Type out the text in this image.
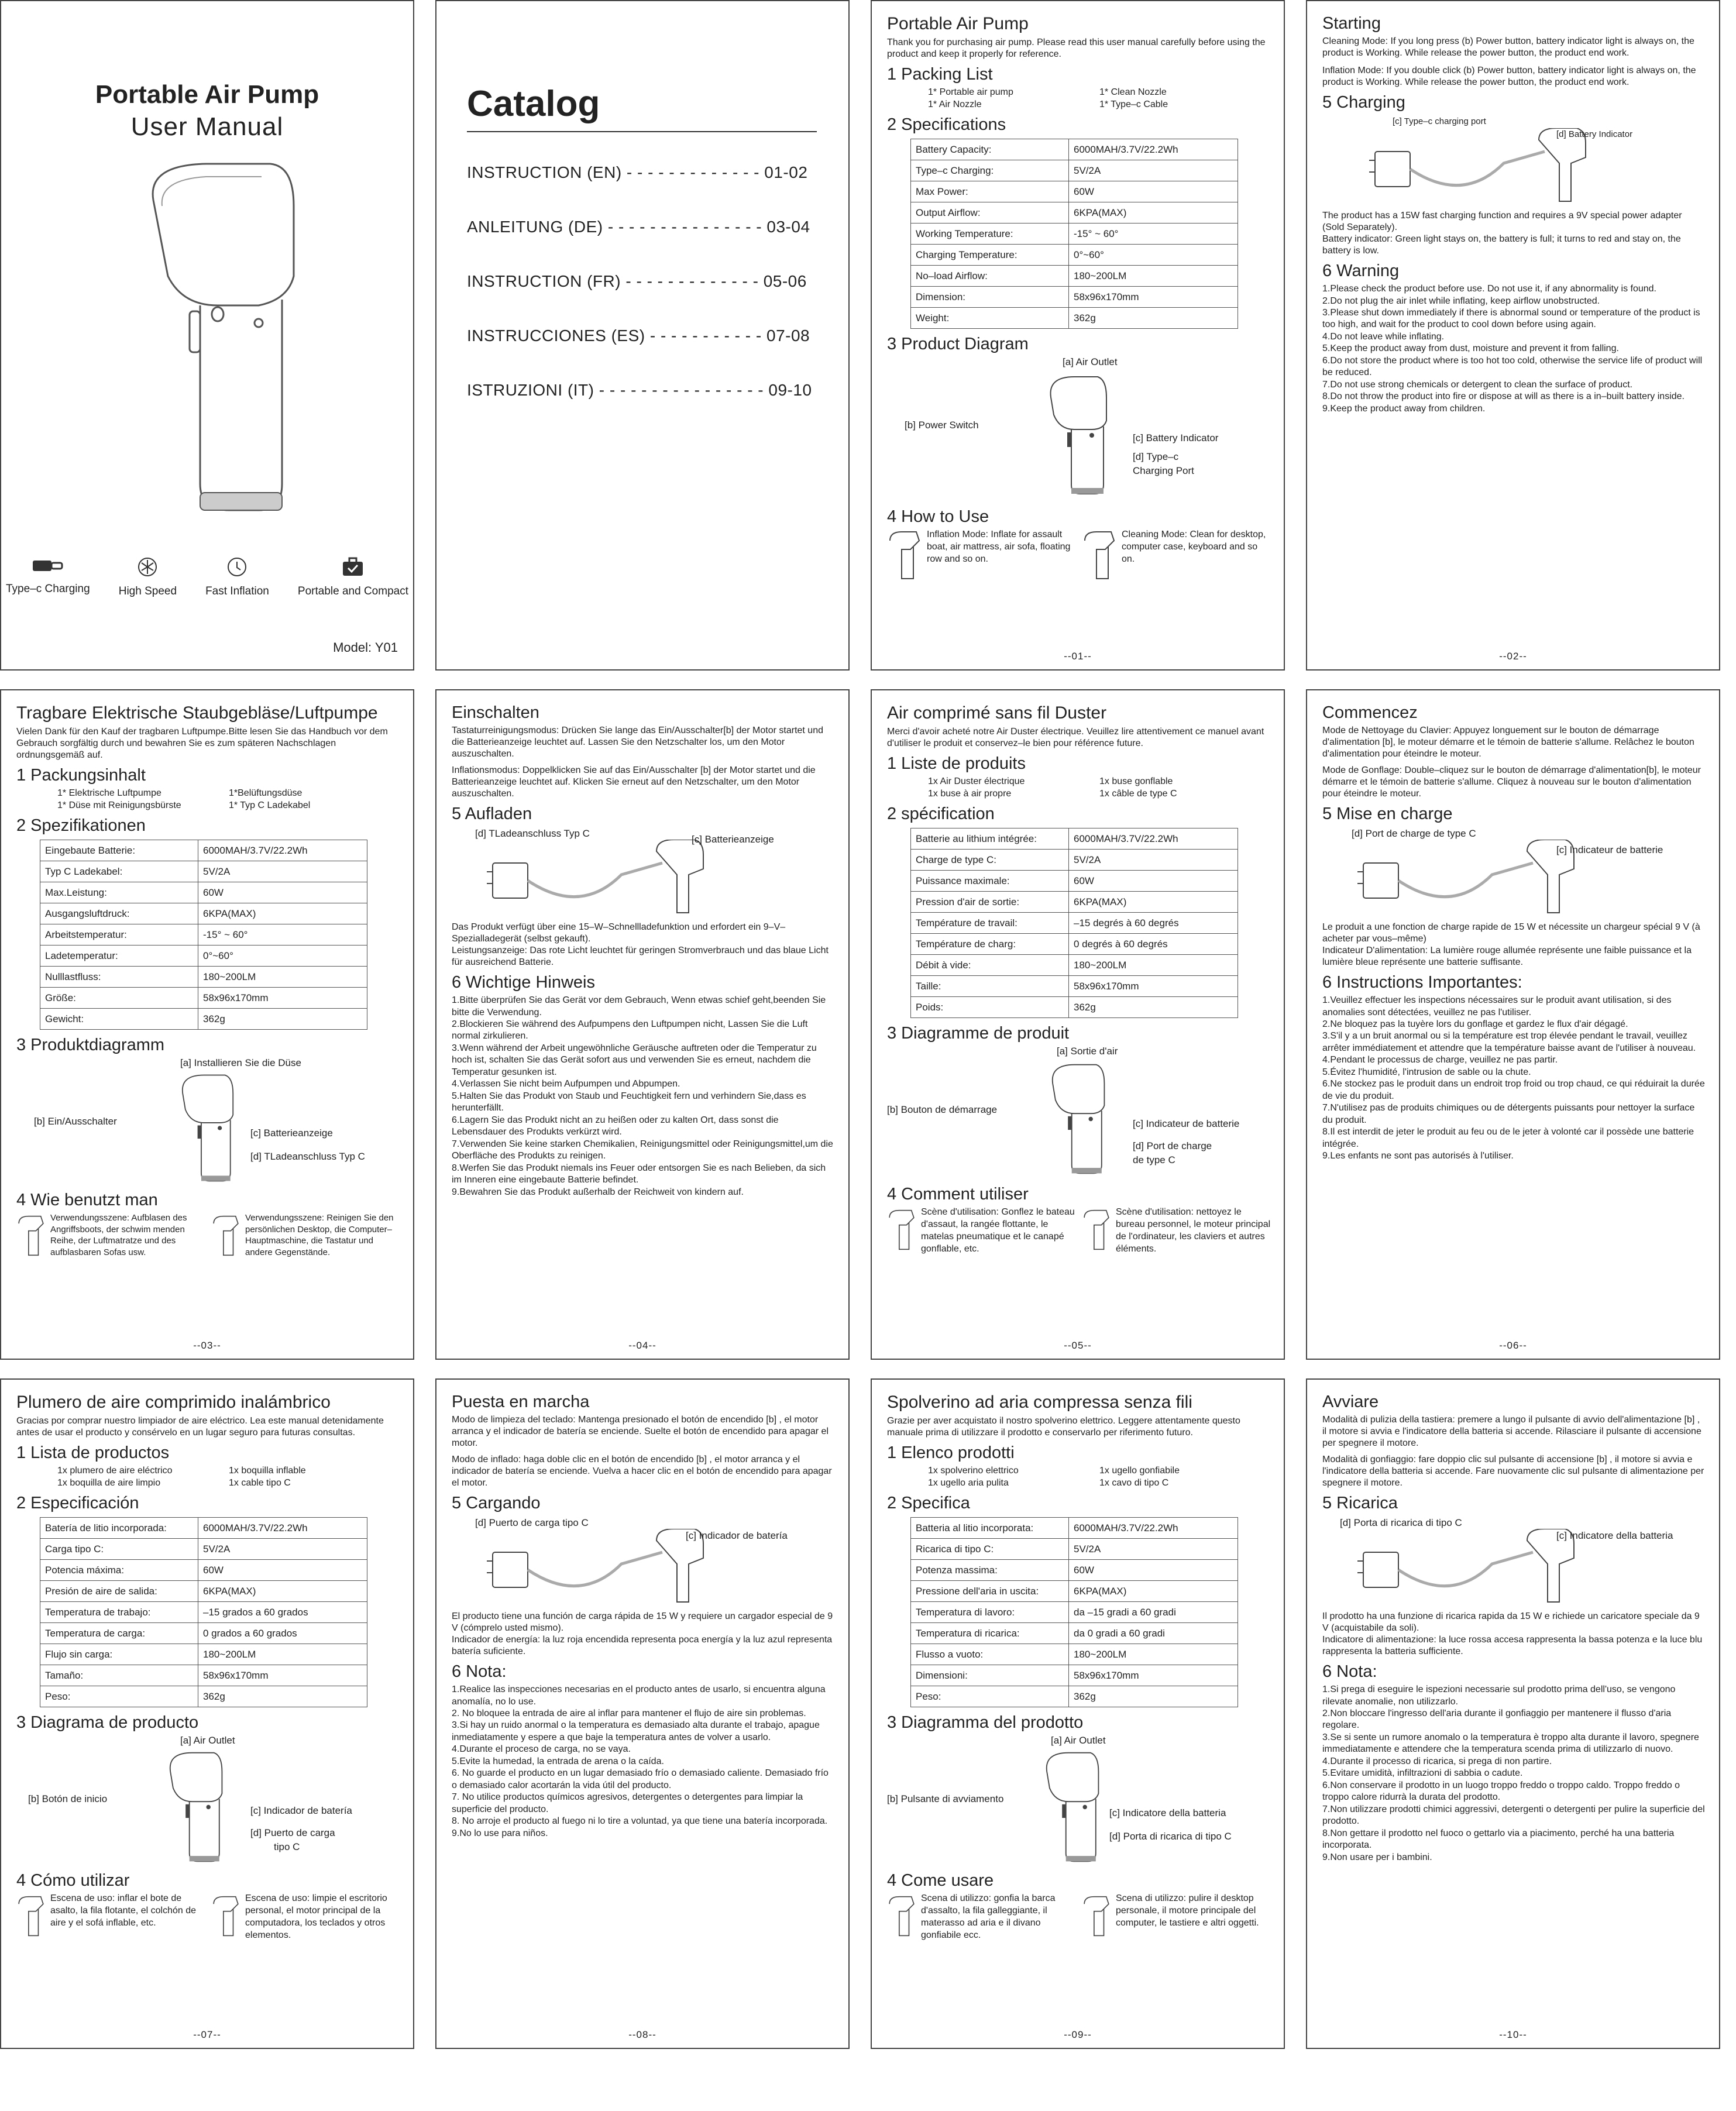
Portable Air Pump
User Manual
Type–c Charging	High Speed	Fast Inflation	Portable and Compact
Model: Y01
Catalog
INSTRUCTION (EN) - - - - - - - - - - - - - 01-02
ANLEITUNG (DE) - - - - - - - - - - - - - - - 03-04
INSTRUCTION (FR) - - - - - - - - - - - - - 05-06
INSTRUCCIONES (ES) - - - - - - - - - - - 07-08
ISTRUZIONI (IT) - - - - - - - - - - - - - - - - 09-10
Portable Air Pump
Thank you for purchasing air pump. Please read this user manual carefully before using the product and keep it properly for reference.
1 Packing List
1* Portable air pump	1* Clean Nozzle
1* Air Nozzle	1* Type–c Cable
2 Specifications
Battery Capacity:	6000MAH/3.7V/22.2Wh
Type–c Charging:	5V/2A
Max Power:	60W
Output Airflow:	6KPA(MAX)
Working Temperature:	-15° ~ 60°
Charging Temperature:	0°~60°
No–load Airflow:	180~200LM
Dimension:	58x96x170mm
Weight:	362g
3 Product Diagram
[a] Air Outlet
[b] Power Switch
[c] Battery Indicator
[d] Type–c
Charging Port
4 How to Use
Inflation Mode: Inflate for assault boat, air mattress, air sofa, floating row and so on.
Cleaning Mode: Clean for desktop, computer case, keyboard and so on.
--01--
Starting
Cleaning Mode: If you long press (b) Power button, battery indicator light is always on, the product is Working. While release the power button, the product end work.
Inflation Mode: If you double click (b) Power button, battery indicator light is always on, the product is Working. While release the power button, the product end work.
5 Charging
[c] Type–c charging port
[d] Battery Indicator
The product has a 15W fast charging function and requires a 9V special power adapter (Sold Separately).
Battery indicator: Green light stays on, the battery is full; it turns to red and stay on, the battery is low.
6 Warning

1.Please check the product before use. Do not use it, if any abnormality is found.

2.Do not plug the air inlet while inflating, keep airflow unobstructed.

3.Please shut down immediately if there is abnormal sound or temperature of the product is too high, and wait for the product to cool down before using again.

4.Do not leave while inflating.

5.Keep the product away from dust, moisture and prevent it from falling.

6.Do not store the product where is too hot too cold, otherwise the service life of product will be reduced.

7.Do not use strong chemicals or detergent to clean the surface of product.

8.Do not throw the product into fire or dispose at will as there is a in–built battery inside.

9.Keep the product away from children.

--02--
Tragbare Elektrische Staubgebläse/Luftpumpe
Vielen Dank für den Kauf der tragbaren Luftpumpe.Bitte lesen Sie das Handbuch vor dem Gebrauch sorgfältig durch und bewahren Sie es zum späteren Nachschlagen ordnungsgemäß auf.
1 Packungsinhalt
1* Elektrische Luftpumpe	1*Belüftungsdüse
1* Düse mit Reinigungsbürste	1* Typ C Ladekabel
2 Spezifikationen
Eingebaute Batterie:	6000MAH/3.7V/22.2Wh
Typ C Ladekabel:	5V/2A
Max.Leistung:	60W
Ausgangsluftdruck:	6KPA(MAX)
Arbeitstemperatur:	-15° ~ 60°
Ladetemperatur:	0°~60°
Nulllastfluss:	180~200LM
Größe:	58x96x170mm
Gewicht:	362g
3 Produktdiagramm
[a] Installieren Sie die Düse
[b] Ein/Ausschalter
[c] Batterieanzeige
[d] TLadeanschluss Typ C
4 Wie benutzt man
Verwendungsszene: Aufblasen des Angriffsboots, der schwim menden Reihe, der Luftmatratze und des aufblasbaren Sofas usw.
Verwendungsszene: Reinigen Sie den persönlichen Desktop, die Computer–Hauptmaschine, die Tastatur und andere Gegenstände.
--03--
Einschalten
Tastaturreinigungsmodus: Drücken Sie lange das Ein/Ausschalter[b] der Motor startet und die Batterieanzeige leuchtet auf. Lassen Sie den Netzschalter los, um den Motor auszuschalten.
Inflationsmodus: Doppelklicken Sie auf das Ein/Ausschalter [b] der Motor startet und die Batterieanzeige leuchtet auf. Klicken Sie erneut auf den Netzschalter, um den Motor auszuschalten.
5 Aufladen
[d] TLadeanschluss Typ C
[c] Batterieanzeige
Das Produkt verfügt über eine 15–W–Schnellladefunktion und erfordert ein 9–V–Spezialladegerät (selbst gekauft).
Leistungsanzeige: Das rote Licht leuchtet für geringen Stromverbrauch und das blaue Licht für ausreichend Batterie.
6 Wichtige Hinweis

1.Bitte überprüfen Sie das Gerät vor dem Gebrauch, Wenn etwas schief geht,beenden Sie bitte die Verwendung.

2.Blockieren Sie während des Aufpumpens den Luftpumpen nicht, Lassen Sie die Luft normal zirkulieren.

3.Wenn während der Arbeit ungewöhnliche Geräusche auftreten oder die Temperatur zu hoch ist, schalten Sie das Gerät sofort aus und verwenden Sie es erneut, nachdem die Temperatur gesunken ist.

4.Verlassen Sie nicht beim Aufpumpen und Abpumpen.

5.Halten Sie das Produkt von Staub und Feuchtigkeit fern und verhindern Sie,dass es herunterfällt.

6.Lagern Sie das Produkt nicht an zu heißen oder zu kalten Ort, dass sonst die Lebensdauer des Produkts verkürzt wird.

7.Verwenden Sie keine starken Chemikalien, Reinigungsmittel oder Reinigungsmittel,um die Oberfläche des Produkts zu reinigen.

8.Werfen Sie das Produkt niemals ins Feuer oder entsorgen Sie es nach Belieben, da sich im Inneren eine eingebaute Batterie befindet.

9.Bewahren Sie das Produkt außerhalb der Reichweit von kindern auf.

--04--
Air comprimé sans fil Duster
Merci d'avoir acheté notre Air Duster électrique. Veuillez lire attentivement ce manuel avant d'utiliser le produit et conservez–le bien pour référence future.
1 Liste de produits
1x Air Duster électrique	1x buse gonflable
1x buse à air propre	1x câble de type C
2 spécification
Batterie au lithium intégrée:	6000MAH/3.7V/22.2Wh
Charge de type C:	5V/2A
Puissance maximale:	60W
Pression d'air de sortie:	6KPA(MAX)
Température de travail:	–15 degrés à 60 degrés
Température de charg:	0 degrés à 60 degrés
Débit à vide:	180~200LM
Taille:	58x96x170mm
Poids:	362g
3 Diagramme de produit
[a] Sortie d'air
[b] Bouton de démarrage
[c] Indicateur de batterie
[d] Port de charge
de type C
4 Comment utiliser
Scène d'utilisation: Gonflez le bateau d'assaut, la rangée flottante, le matelas pneumatique et le canapé gonflable, etc.
Scène d'utilisation: nettoyez le bureau personnel, le moteur principal de l'ordinateur, les claviers et autres éléments.
--05--
Commencez
Mode de Nettoyage du Clavier: Appuyez longuement sur le bouton de démarrage d'alimentation [b], le moteur démarre et le témoin de batterie s'allume. Relâchez le bouton d'alimentation pour éteindre le moteur.
Mode de Gonflage: Double–cliquez sur le bouton de démarrage d'alimentation[b], le moteur démarre et le témoin de batterie s'allume. Cliquez à nouveau sur le bouton d'alimentation pour éteindre le moteur.
5 Mise en charge
[d] Port de charge de type C
[c] Indicateur de batterie
Le produit a une fonction de charge rapide de 15 W et nécessite un chargeur spécial 9 V (à acheter par vous–même)
Indicateur D'alimentation: La lumière rouge allumée représente une faible puissance et la lumière bleue représente une batterie suffisante.
6 Instructions Importantes:

1.Veuillez effectuer les inspections nécessaires sur le produit avant utilisation, si des anomalies sont détectées, veuillez ne pas l'utiliser.

2.Ne bloquez pas la tuyère lors du gonflage et gardez le flux d'air dégagé.

3.S'il y a un bruit anormal ou si la température est trop élevée pendant le travail, veuillez arrêter immédiatement et attendre que la température baisse avant de l'utiliser à nouveau.

4.Pendant le processus de charge, veuillez ne pas partir.

5.Évitez l'humidité, l'intrusion de sable ou la chute.

6.Ne stockez pas le produit dans un endroit trop froid ou trop chaud, ce qui réduirait la durée de vie du produit.

7.N'utilisez pas de produits chimiques ou de détergents puissants pour nettoyer la surface du produit.

8.Il est interdit de jeter le produit au feu ou de le jeter à volonté car il possède une batterie intégrée.

9.Les enfants ne sont pas autorisés à l'utiliser.

--06--
Plumero de aire comprimido inalámbrico
Gracias por comprar nuestro limpiador de aire eléctrico. Lea este manual detenidamente antes de usar el producto y consérvelo en un lugar seguro para futuras consultas.
1 Lista de productos
1x plumero de aire eléctrico	1x boquilla inflable
1x boquilla de aire limpio	1x cable tipo C
2 Especificación
Batería de litio incorporada:	6000MAH/3.7V/22.2Wh
Carga tipo C:	5V/2A
Potencia máxima:	60W
Presión de aire de salida:	6KPA(MAX)
Temperatura de trabajo:	–15 grados a 60 grados
Temperatura de carga:	0 grados a 60 grados
Flujo sin carga:	180~200LM
Tamaño:	58x96x170mm
Peso:	362g
3 Diagrama de producto
[a] Air Outlet
[b] Botón de inicio
[c] Indicador de batería
[d] Puerto de carga
tipo C
4 Cómo utilizar
Escena de uso: inflar el bote de asalto, la fila flotante, el colchón de aire y el sofá inflable, etc.
Escena de uso: limpie el escritorio personal, el motor principal de la computadora, los teclados y otros elementos.
--07--
Puesta en marcha
Modo de limpieza del teclado: Mantenga presionado el botón de encendido [b] , el motor arranca y el indicador de batería se enciende. Suelte el botón de encendido para apagar el motor.
Modo de inflado: haga doble clic en el botón de encendido [b] , el motor arranca y el indicador de batería se enciende. Vuelva a hacer clic en el botón de encendido para apagar el motor.
5 Cargando
[d] Puerto de carga tipo C
[c] Indicador de batería
El producto tiene una función de carga rápida de 15 W y requiere un cargador especial de 9 V (cómprelo usted mismo).
Indicador de energía: la luz roja encendida representa poca energía y la luz azul representa batería suficiente.
6 Nota:

1.Realice las inspecciones necesarias en el producto antes de usarlo, si encuentra alguna anomalía, no lo use.

2. No bloquee la entrada de aire al inflar para mantener el flujo de aire sin problemas.

3.Si hay un ruido anormal o la temperatura es demasiado alta durante el trabajo, apague inmediatamente y espere a que baje la temperatura antes de volver a usarlo.

4.Durante el proceso de carga, no se vaya.

5.Evite la humedad, la entrada de arena o la caída.

6. No guarde el producto en un lugar demasiado frío o demasiado caliente. Demasiado frío o demasiado calor acortarán la vida útil del producto.

7. No utilice productos químicos agresivos, detergentes o detergentes para limpiar la superficie del producto.

8. No arroje el producto al fuego ni lo tire a voluntad, ya que tiene una batería incorporada.

9.No lo use para niños.

--08--
Spolverino ad aria compressa senza fili
Grazie per aver acquistato il nostro spolverino elettrico. Leggere attentamente questo manuale prima di utilizzare il prodotto e conservarlo per riferimento futuro.
1 Elenco prodotti
1x spolverino elettrico	1x ugello gonfiabile
1x ugello aria pulita	1x cavo di tipo C
2 Specifica
Batteria al litio incorporata:	6000MAH/3.7V/22.2Wh
Ricarica di tipo C:	5V/2A
Potenza massima:	60W
Pressione dell'aria in uscita:	6KPA(MAX)
Temperatura di lavoro:	da –15 gradi a 60 gradi
Temperatura di ricarica:	da 0 gradi a 60 gradi
Flusso a vuoto:	180~200LM
Dimensioni:	58x96x170mm
Peso:	362g
3 Diagramma del prodotto
[a] Air Outlet
[b] Pulsante di avviamento
[c] Indicatore della batteria
[d] Porta di ricarica di tipo C
4 Come usare
Scena di utilizzo: gonfia la barca d'assalto, la fila galleggiante, il materasso ad aria e il divano gonfiabile ecc.
Scena di utilizzo: pulire il desktop personale, il motore principale del computer, le tastiere e altri oggetti.
--09--
Avviare
Modalità di pulizia della tastiera: premere a lungo il pulsante di avvio dell'alimentazione [b] , il motore si avvia e l'indicatore della batteria si accende. Rilasciare il pulsante di accensione per spegnere il motore.
Modalità di gonfiaggio: fare doppio clic sul pulsante di accensione [b] , il motore si avvia e l'indicatore della batteria si accende. Fare nuovamente clic sul pulsante di alimentazione per spegnere il motore.
5 Ricarica
[d] Porta di ricarica di tipo C
[c] Indicatore della batteria
Il prodotto ha una funzione di ricarica rapida da 15 W e richiede un caricatore speciale da 9 V (acquistabile da soli).
Indicatore di alimentazione: la luce rossa accesa rappresenta la bassa potenza e la luce blu rappresenta la batteria sufficiente.
6 Nota:

1.Si prega di eseguire le ispezioni necessarie sul prodotto prima dell'uso, se vengono rilevate anomalie, non utilizzarlo.

2.Non bloccare l'ingresso dell'aria durante il gonfiaggio per mantenere il flusso d'aria regolare.

3.Se si sente un rumore anomalo o la temperatura è troppo alta durante il lavoro, spegnere immediatamente e attendere che la temperatura scenda prima di utilizzarlo di nuovo.

4.Durante il processo di ricarica, si prega di non partire.

5.Evitare umidità, infiltrazioni di sabbia o cadute.

6.Non conservare il prodotto in un luogo troppo freddo o troppo caldo. Troppo freddo o troppo calore ridurrà la durata del prodotto.

7.Non utilizzare prodotti chimici aggressivi, detergenti o detergenti per pulire la superficie del prodotto.

8.Non gettare il prodotto nel fuoco o gettarlo via a piacimento, perché ha una batteria incorporata.

9.Non usare per i bambini.

--10--
